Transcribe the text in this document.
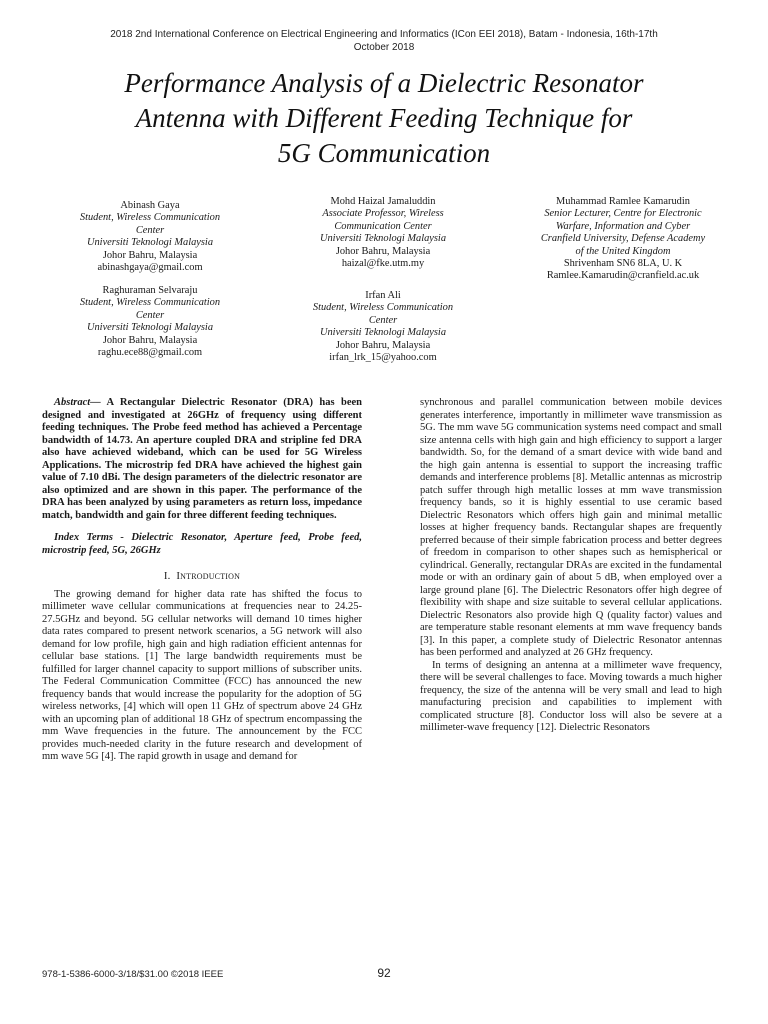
2018 2nd International Conference on Electrical Engineering and Informatics (ICon EEI 2018), Batam - Indonesia, 16th-17th
October 2018
Performance Analysis of a Dielectric Resonator
Antenna with Different Feeding Technique for
5G Communication
Abinash Gaya
Student, Wireless Communication
Center
Universiti Teknologi Malaysia
Johor Bahru, Malaysia
abinashgaya@gmail.com
Mohd Haizal Jamaluddin
Associate Professor, Wireless
Communication Center
Universiti Teknologi Malaysia
Johor Bahru, Malaysia
haizal@fke.utm.my
Muhammad Ramlee Kamarudin
Senior Lecturer, Centre for Electronic
Warfare, Information and Cyber
Cranfield University, Defense Academy
of the United Kingdom
Shrivenham SN6 8LA, U. K
Ramlee.Kamarudin@cranfield.ac.uk
Raghuraman Selvaraju
Student, Wireless Communication
Center
Universiti Teknologi Malaysia
Johor Bahru, Malaysia
raghu.ece88@gmail.com
Irfan Ali
Student, Wireless Communication
Center
Universiti Teknologi Malaysia
Johor Bahru, Malaysia
irfan_lrk_15@yahoo.com

Abstract— A Rectangular Dielectric Resonator (DRA) has been designed and investigated at 26GHz of frequency using different feeding techniques. The Probe feed method has achieved a Percentage bandwidth of 14.73. An aperture coupled DRA and stripline fed DRA also have achieved wideband, which can be used for 5G Wireless Applications. The microstrip fed DRA have achieved the highest gain value of 7.10 dBi. The design parameters of the dielectric resonator are also optimized and are shown in this paper. The performance of the DRA has been analyzed by using parameters as return loss, impedance match, bandwidth and gain for three different feeding techniques.

Index Terms - Dielectric Resonator, Aperture feed, Probe feed, microstrip feed, 5G, 26GHz

I. Introduction

The growing demand for higher data rate has shifted the focus to millimeter wave cellular communications at frequencies near to 24.25-27.5GHz and beyond. 5G cellular networks will demand 10 times higher data rates compared to present network scenarios, a 5G network will also demand for low profile, high gain and high radiation efficient antennas for cellular base stations. [1] The large bandwidth requirements must be fulfilled for larger channel capacity to support millions of subscriber units. The Federal Communication Committee (FCC) has announced the new frequency bands that would increase the popularity for the adoption of 5G wireless networks, [4] which will open 11 GHz of spectrum above 24 GHz with an upcoming plan of additional 18 GHz of spectrum encompassing the mm Wave frequencies in the future. The announcement by the FCC provides much-needed clarity in the future research and development of mm wave 5G [4]. The rapid growth in usage and demand for

synchronous and parallel communication between mobile devices generates interference, importantly in millimeter wave transmission as 5G. The mm wave 5G communication systems need compact and small size antenna cells with high gain and high efficiency to support a larger bandwidth. So, for the demand of a smart device with wide band and the high gain antenna is essential to support the increasing traffic demands and interference problems [8]. Metallic antennas as microstrip patch suffer through high metallic losses at mm wave transmission frequency bands, so it is highly essential to use ceramic based Dielectric Resonators which offers high gain and minimal metallic losses at higher frequency bands. Rectangular shapes are frequently preferred because of their simple fabrication process and better degrees of freedom in comparison to other shapes such as hemispherical or cylindrical. Generally, rectangular DRAs are excited in the fundamental mode or with an ordinary gain of about 5 dB, when employed over a large ground plane [6]. The Dielectric Resonators offer high degree of flexibility with shape and size suitable to several cellular applications. Dielectric Resonators also provide high Q (quality factor) values and are temperature stable resonant elements at mm wave frequency bands [3]. In this paper, a complete study of Dielectric Resonator antennas has been performed and analyzed at 26 GHz frequency.

In terms of designing an antenna at a millimeter wave frequency, there will be several challenges to face. Moving towards a much higher frequency, the size of the antenna will be very small and lead to high manufacturing precision and capabilities to implement with complicated structure [8]. Conductor loss will also be severe at a millimeter-wave frequency [12]. Dielectric Resonators

978-1-5386-6000-3/18/$31.00 ©2018 IEEE	92
